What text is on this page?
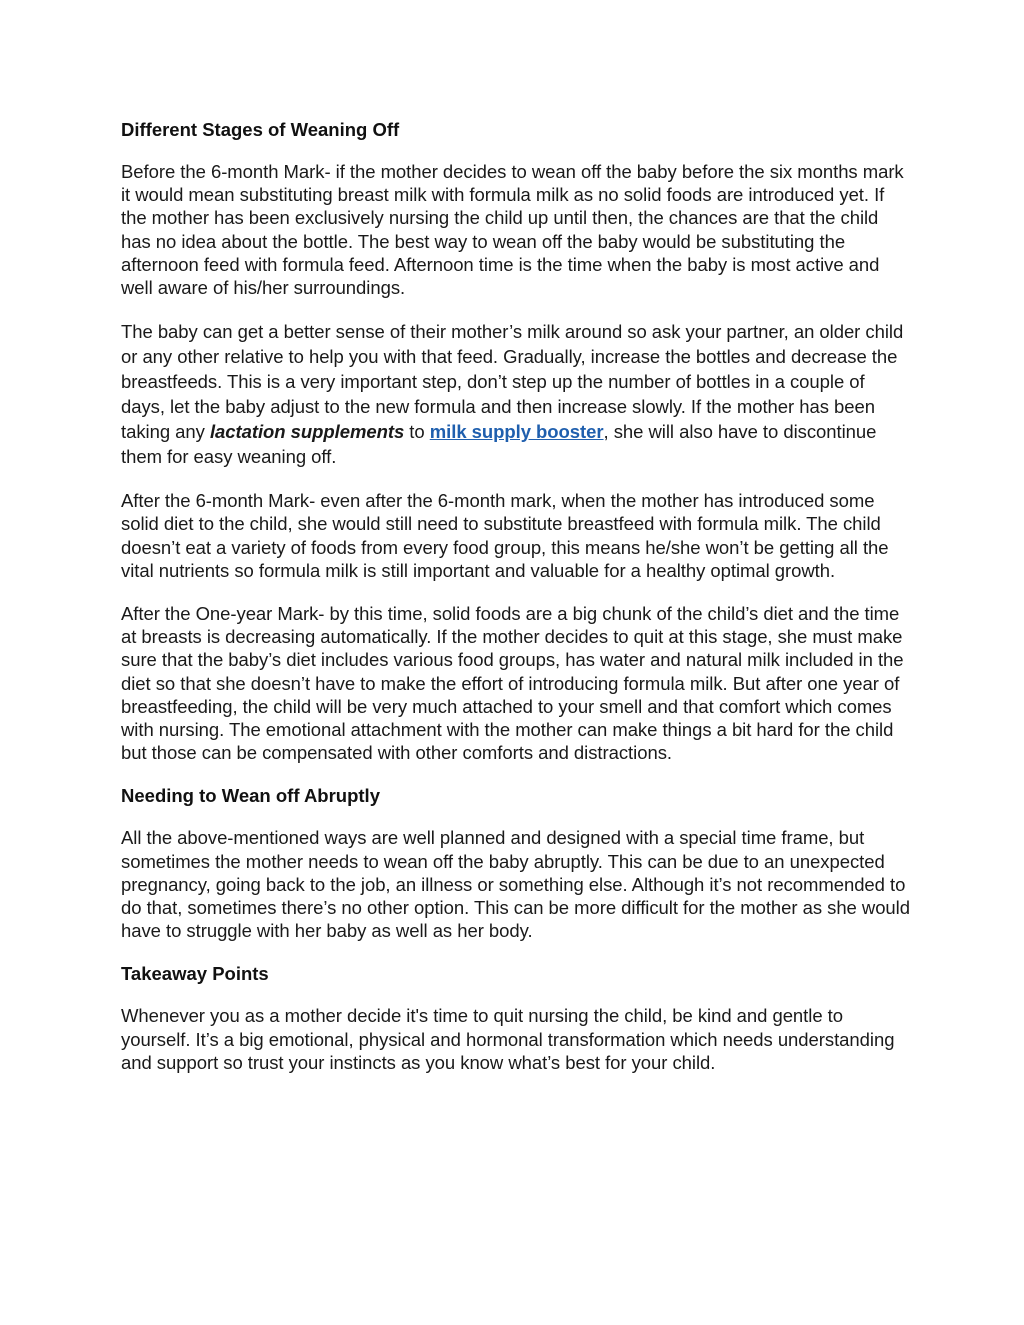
Different Stages of Weaning Off

Before the 6-month Mark- if the mother decides to wean off the baby before the six months mark it would mean substituting breast milk with formula milk as no solid foods are introduced yet. If the mother has been exclusively nursing the child up until then, the chances are that the child has no idea about the bottle. The best way to wean off the baby would be substituting the afternoon feed with formula feed. Afternoon time is the time when the baby is most active and well aware of his/her surroundings.

The baby can get a better sense of their mother’s milk around so ask your partner, an older child or any other relative to help you with that feed. Gradually, increase the bottles and decrease the breastfeeds. This is a very important step, don’t step up the number of bottles in a couple of days, let the baby adjust to the new formula and then increase slowly. If the mother has been taking any lactation supplements to milk supply booster, she will also have to discontinue them for easy weaning off.

After the 6-month Mark- even after the 6-month mark, when the mother has introduced some solid diet to the child, she would still need to substitute breastfeed with formula milk. The child doesn’t eat a variety of foods from every food group, this means he/she won’t be getting all the vital nutrients so formula milk is still important and valuable for a healthy optimal growth.

After the One-year Mark- by this time, solid foods are a big chunk of the child’s diet and the time at breasts is decreasing automatically. If the mother decides to quit at this stage, she must make sure that the baby’s diet includes various food groups, has water and natural milk included in the diet so that she doesn’t have to make the effort of introducing formula milk. But after one year of breastfeeding, the child will be very much attached to your smell and that comfort which comes with nursing. The emotional attachment with the mother can make things a bit hard for the child but those can be compensated with other comforts and distractions.

Needing to Wean off Abruptly

All the above-mentioned ways are well planned and designed with a special time frame, but sometimes the mother needs to wean off the baby abruptly. This can be due to an unexpected pregnancy, going back to the job, an illness or something else. Although it’s not recommended to do that, sometimes there’s no other option. This can be more difficult for the mother as she would have to struggle with her baby as well as her body.

Takeaway Points

Whenever you as a mother decide it's time to quit nursing the child, be kind and gentle to yourself. It’s a big emotional, physical and hormonal transformation which needs understanding and support so trust your instincts as you know what’s best for your child.
